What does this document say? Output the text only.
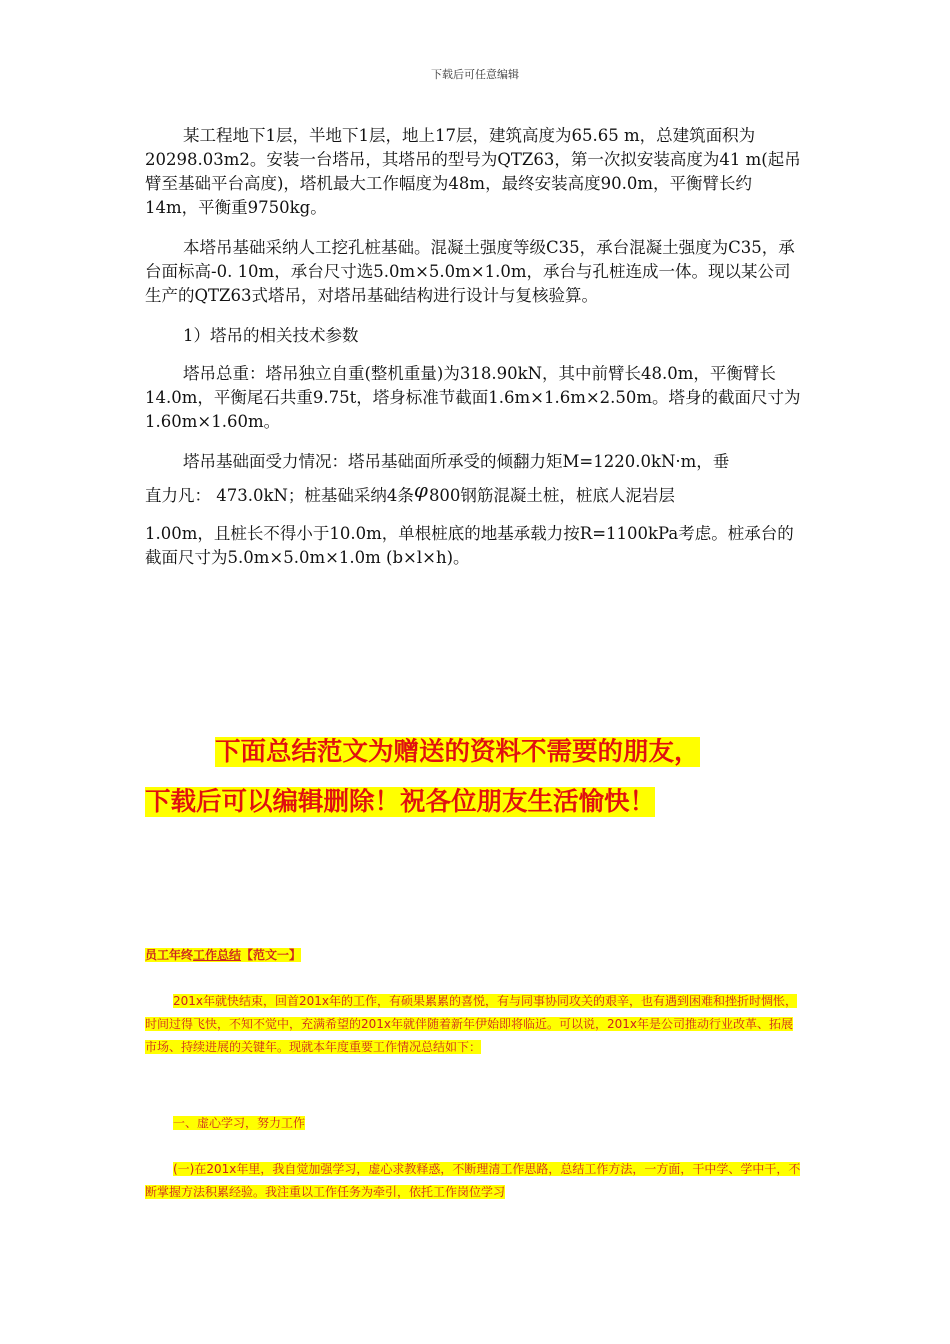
下载后可任意编辑

某工程地下1层，半地下1层，地上17层，建筑高度为65.65 m，总建筑面积为20298.03m2。安装一台塔吊，其塔吊的型号为QTZ63，第一次拟安装高度为41 m(起吊臂至基础平台高度)，塔机最大工作幅度为48m，最终安装高度90.0m，平衡臂长约14m，平衡重9750kg。

本塔吊基础采纳人工挖孔桩基础。混凝土强度等级C35，承台混凝土强度为C35，承台面标高-0. 10m，承台尺寸选5.0m×5.0m×1.0m，承台与孔桩连成一体。现以某公司生产的QTZ63式塔吊，对塔吊基础结构进行设计与复核验算。

1）塔吊的相关技术参数

塔吊总重：塔吊独立自重(整机重量)为318.90kN，其中前臂长48.0m，平衡臂长14.0m，平衡尾石共重9.75t，塔身标准节截面1.6m×1.6m×2.50m。塔身的截面尺寸为1.60m×1.60m。

塔吊基础面受力情况：塔吊基础面所承受的倾翻力矩M=1220.0kN·m，垂
直力凡： 473.0kN；桩基础采纳4条φ800钢筋混凝土桩，桩底人泥岩层

1.00m，且桩长不得小于10.0m，单根桩底的地基承载力按R=1100kPa考虑。桩承台的截面尺寸为5.0m×5.0m×1.0m (b×l×h)。

下面总结范文为赠送的资料不需要的朋友，
下载后可以编辑删除！祝各位朋友生活愉快！
员工年终工作总结【范文一】

201x年就快结束，回首201x年的工作，有硕果累累的喜悦，有与同事协同攻关的艰辛，也有遇到困难和挫折时惆怅，时间过得飞快，不知不觉中，充满希望的201x年就伴随着新年伊始即将临近。可以说，201x年是公司推动行业改革、拓展市场、持续进展的关键年。现就本年度重要工作情况总结如下：

一、虚心学习，努力工作

(一)在201x年里，我自觉加强学习，虚心求教释惑，不断理清工作思路，总结工作方法，一方面，干中学、学中干，不断掌握方法积累经验。我注重以工作任务为牵引，依托工作岗位学习
